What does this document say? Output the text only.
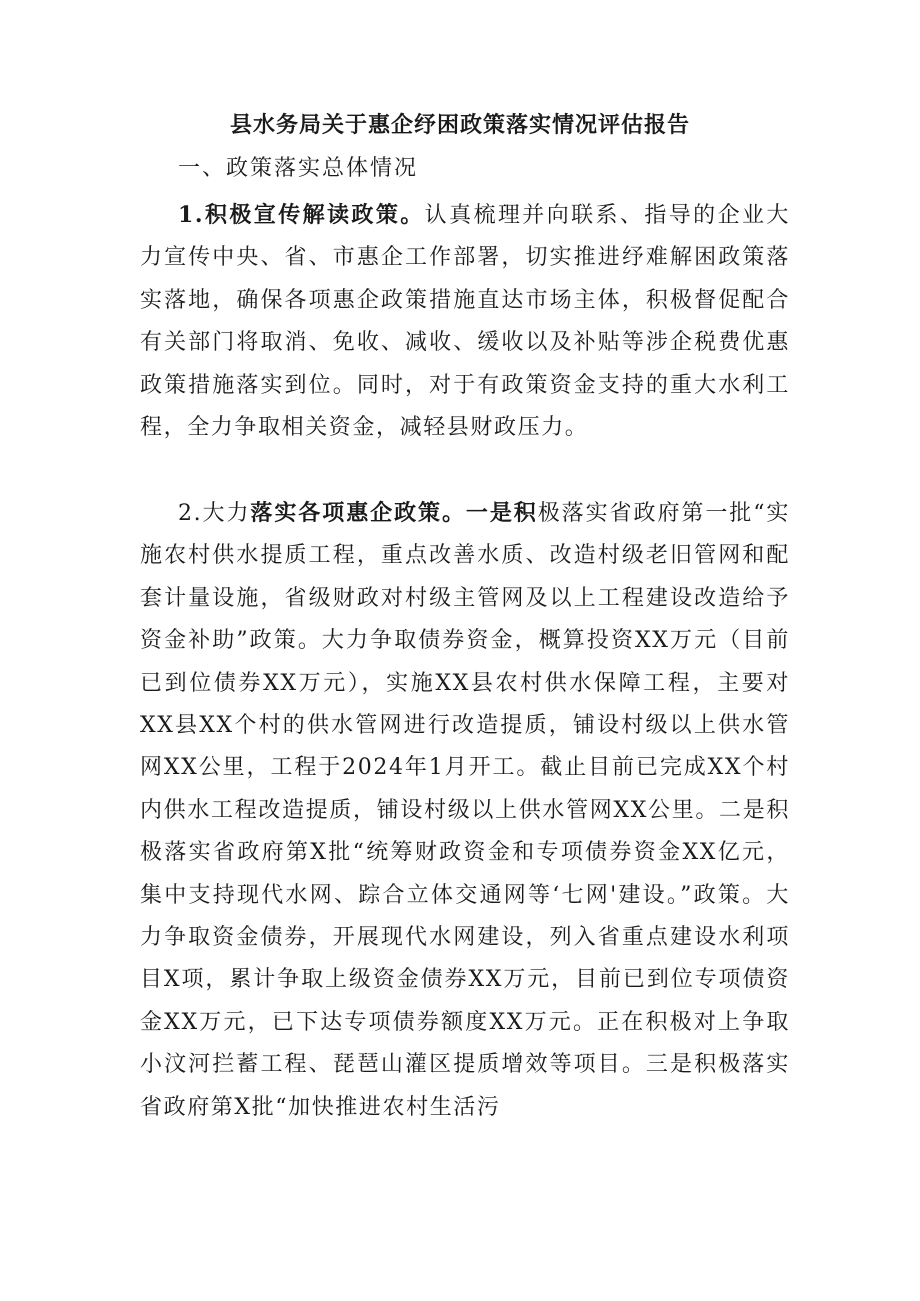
县水务局关于惠企纾困政策落实情况评估报告
一、政策落实总体情况

1.积极宣传解读政策。认真梳理并向联系、指导的企业大力宣传中央、省、市惠企工作部署，切实推进纾难解困政策落实落地，确保各项惠企政策措施直达市场主体，积极督促配合有关部门将取消、免收、减收、缓收以及补贴等涉企税费优惠政策措施落实到位。同时，对于有政策资金支持的重大水利工程，全力争取相关资金，减轻县财政压力。

2.大力落实各项惠企政策。一是积极落实省政府第一批“实施农村供水提质工程，重点改善水质、改造村级老旧管网和配套计量设施，省级财政对村级主管网及以上工程建设改造给予资金补助”政策。大力争取债券资金，概算投资XX万元（目前已到位债券XX万元），实施XX县农村供水保障工程，主要对XX县XX个村的供水管网进行改造提质，铺设村级以上供水管网XX公里，工程于2024年1月开工。截止目前已完成XX个村内供水工程改造提质，铺设村级以上供水管网XX公里。二是积极落实省政府第X批“统筹财政资金和专项债券资金XX亿元，集中支持现代水网、踪合立体交通网等‘七网'建设。”政策。大力争取资金债券，开展现代水网建设，列入省重点建设水利项目X项，累计争取上级资金债券XX万元，目前已到位专项债资金XX万元，已下达专项债券额度XX万元。正在积极对上争取小汶河拦蓄工程、琵琶山灌区提质增效等项目。三是积极落实省政府第X批“加快推进农村生活污
